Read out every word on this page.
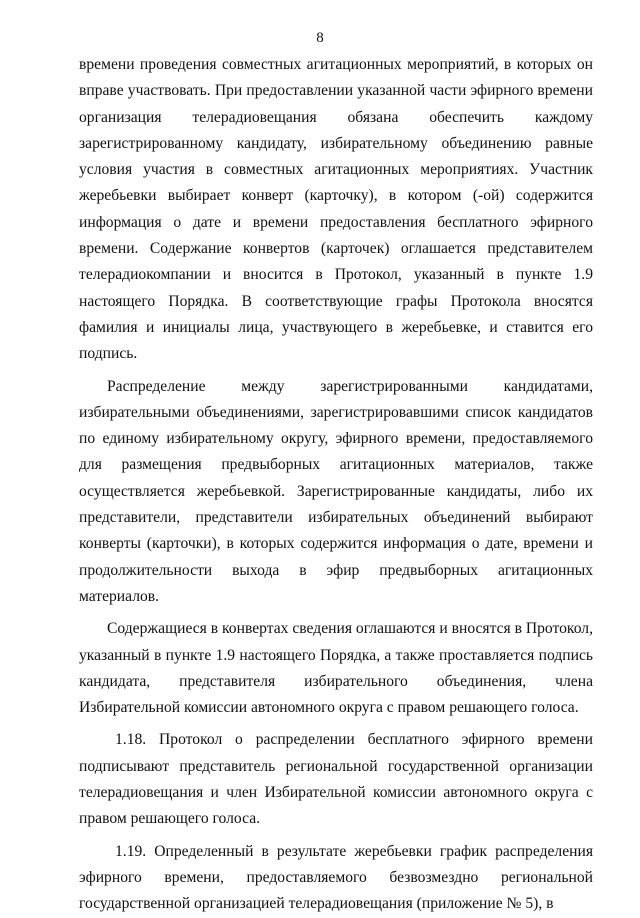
8

времени проведения совместных агитационных мероприятий, в которых он вправе участвовать. При предоставлении указанной части эфирного времени организация телерадиовещания обязана обеспечить каждому зарегистрированному кандидату, избирательному объединению равные условия участия в совместных агитационных мероприятиях. Участник жеребьевки выбирает конверт (карточку), в котором (-ой) содержится информация о дате и времени предоставления бесплатного эфирного времени. Содержание конвертов (карточек) оглашается представителем телерадиокомпании и вносится в Протокол, указанный в пункте 1.9 настоящего Порядка. В соответствующие графы Протокола вносятся фамилия и инициалы лица, участвующего в жеребьевке, и ставится его подпись.

Распределение между зарегистрированными кандидатами, избирательными объединениями, зарегистрировавшими список кандидатов по единому избирательному округу, эфирного времени, предоставляемого для размещения предвыборных агитационных материалов, также осуществляется жеребьевкой. Зарегистрированные кандидаты, либо их представители, представители избирательных объединений выбирают конверты (карточки), в которых содержится информация о дате, времени и продолжительности выхода в эфир предвыборных агитационных материалов.

Содержащиеся в конвертах сведения оглашаются и вносятся в Протокол, указанный в пункте 1.9 настоящего Порядка, а также проставляется подпись кандидата, представителя избирательного объединения, члена Избирательной комиссии автономного округа с правом решающего голоса.

1.18. Протокол о распределении бесплатного эфирного времени подписывают представитель региональной государственной организации телерадиовещания и член Избирательной комиссии автономного округа с правом решающего голоса.

1.19. Определенный в результате жеребьевки график распределения эфирного времени, предоставляемого безвозмездно региональной государственной организацией телерадиовещания (приложение № 5), в
